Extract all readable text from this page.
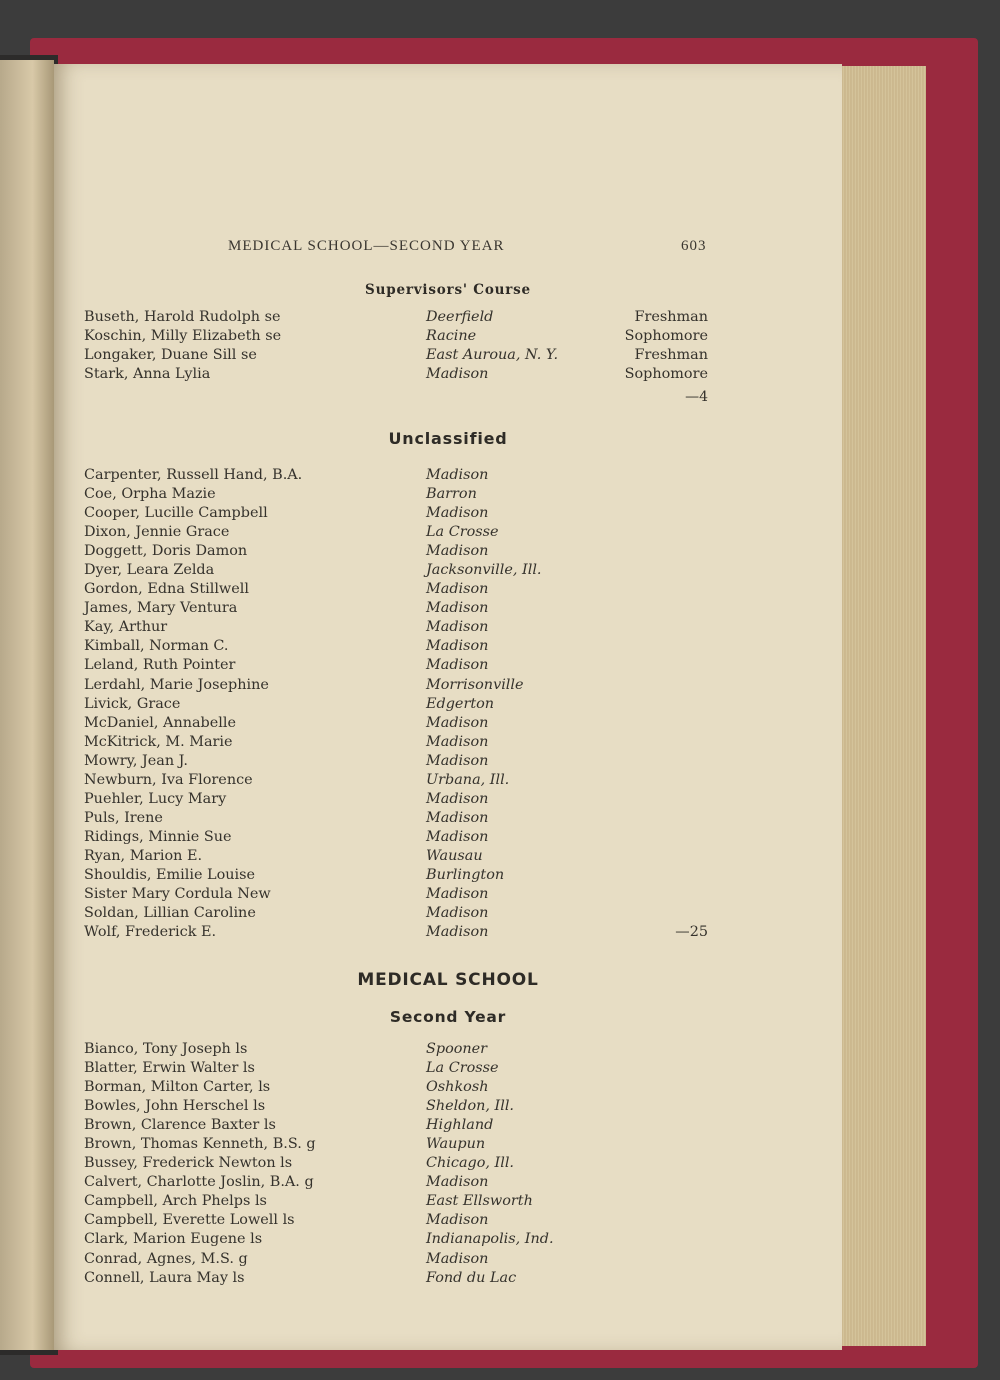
MEDICAL SCHOOL—SECOND YEAR	603
Supervisors' Course
Buseth, Harold Rudolph se	Deerfield	Freshman
Koschin, Milly Elizabeth se	Racine	Sophomore
Longaker, Duane Sill se	East Auroua, N. Y.	Freshman
Stark, Anna Lylia	Madison	Sophomore
—4
Unclassified
Carpenter, Russell Hand, B.A.	Madison
Coe, Orpha Mazie	Barron
Cooper, Lucille Campbell	Madison
Dixon, Jennie Grace	La Crosse
Doggett, Doris Damon	Madison
Dyer, Leara Zelda	Jacksonville, Ill.
Gordon, Edna Stillwell	Madison
James, Mary Ventura	Madison
Kay, Arthur	Madison
Kimball, Norman C.	Madison
Leland, Ruth Pointer	Madison
Lerdahl, Marie Josephine	Morrisonville
Livick, Grace	Edgerton
McDaniel, Annabelle	Madison
McKitrick, M. Marie	Madison
Mowry, Jean J.	Madison
Newburn, Iva Florence	Urbana, Ill.
Puehler, Lucy Mary	Madison
Puls, Irene	Madison
Ridings, Minnie Sue	Madison
Ryan, Marion E.	Wausau
Shouldis, Emilie Louise	Burlington
Sister Mary Cordula New	Madison
Soldan, Lillian Caroline	Madison
Wolf, Frederick E.	Madison	—25
MEDICAL SCHOOL
Second Year
Bianco, Tony Joseph ls	Spooner
Blatter, Erwin Walter ls	La Crosse
Borman, Milton Carter, ls	Oshkosh
Bowles, John Herschel ls	Sheldon, Ill.
Brown, Clarence Baxter ls	Highland
Brown, Thomas Kenneth, B.S. g	Waupun
Bussey, Frederick Newton ls	Chicago, Ill.
Calvert, Charlotte Joslin, B.A. g	Madison
Campbell, Arch Phelps ls	East Ellsworth
Campbell, Everette Lowell ls	Madison
Clark, Marion Eugene ls	Indianapolis, Ind.
Conrad, Agnes, M.S. g	Madison
Connell, Laura May ls	Fond du Lac
